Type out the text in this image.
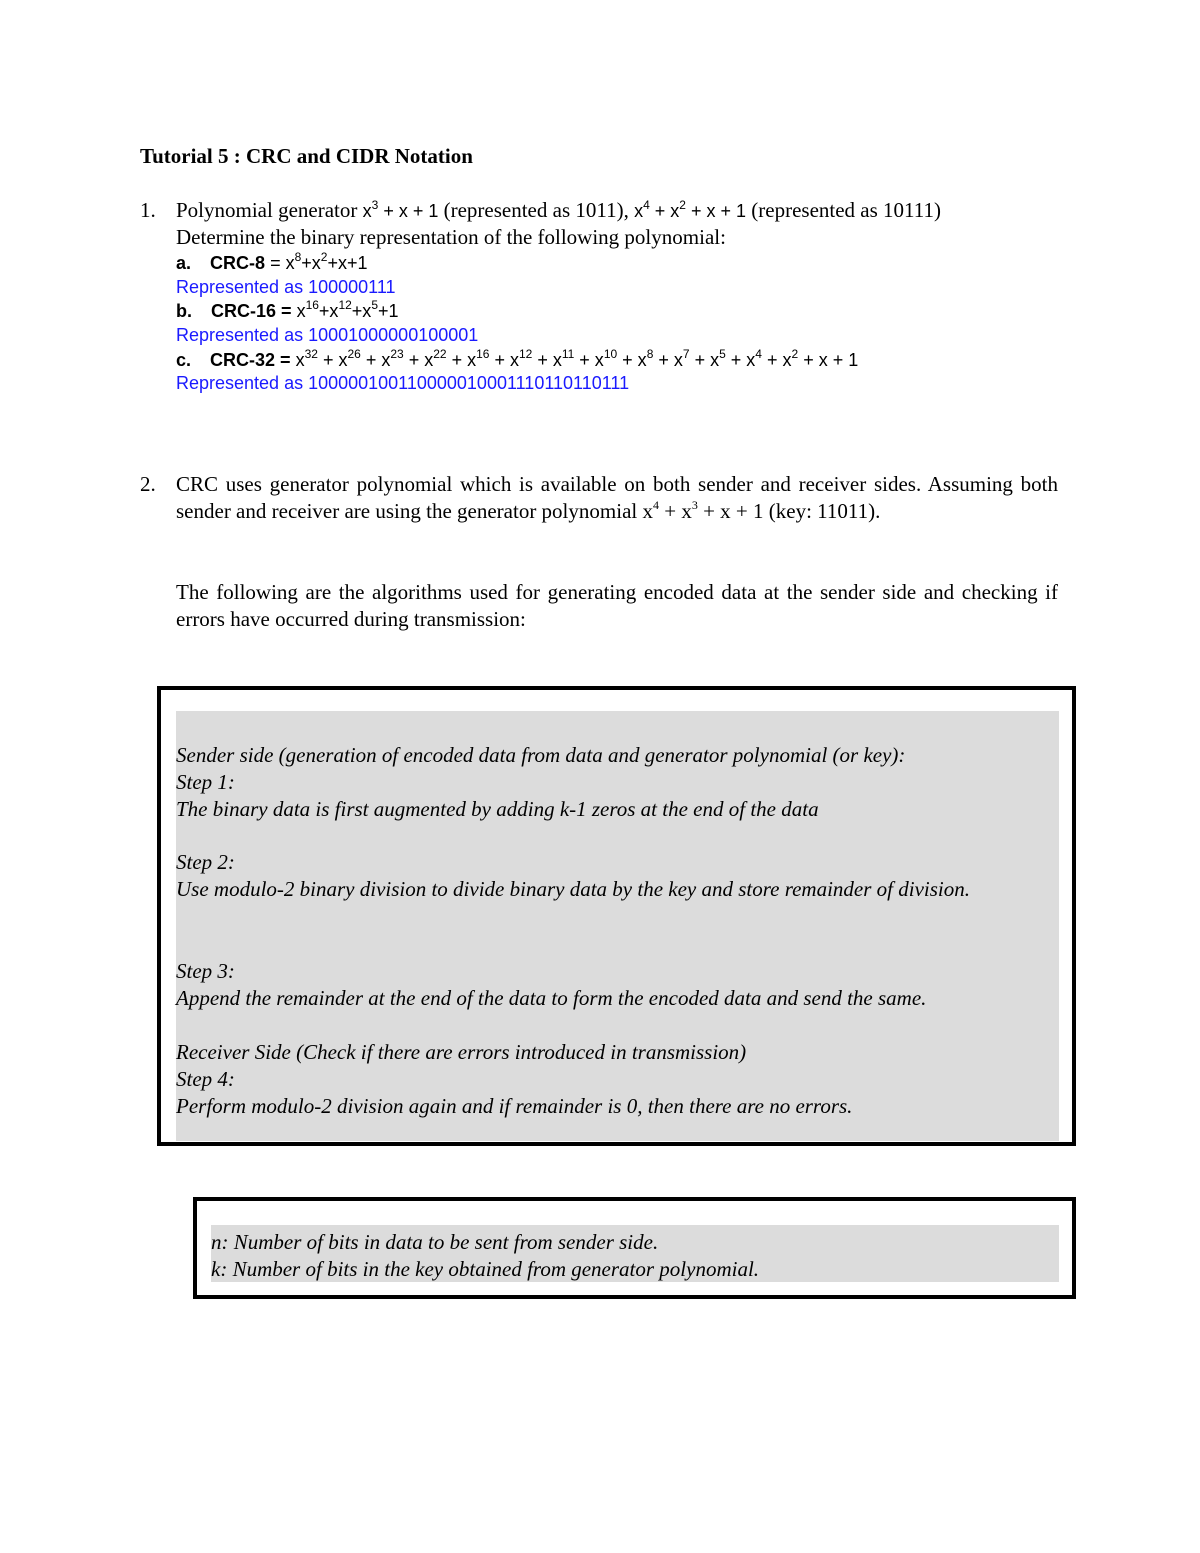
Tutorial 5 : CRC and CIDR Notation
1. Polynomial generator $x^3 + x + 1$ (represented as 1011), $x^4 + x^2 + x + 1$ (represented as 10111)
Determine the binary representation of the following polynomial:
a. $CRC-8 = x^8+x^2+x+1$
Represented as 100000111
b. $CRC-16 = x^{16}+x^{12}+x^5+1$
Represented as 10001000000100001
c. $CRC-32 = x^{32} + x^{26} + x^{23} + x^{22} + x^{16} + x^{12} + x^{11} + x^{10} + x^8 + x^7 + x^5 + x^4 + x^2 + x + 1$
Represented as 100000100110000010001110110110111
2. CRC uses generator polynomial which is available on both sender and receiver sides. Assuming both sender and receiver are using the generator polynomial $x^4 + x^3 + x + 1$ (key: 11011).
The following are the algorithms used for generating encoded data at the sender side and checking if errors have occurred during transmission:
Sender side (generation of encoded data from data and generator polynomial (or key):
Step 1:
The binary data is first augmented by adding k-1 zeros at the end of the data
Step 2:
Use modulo-2 binary division to divide binary data by the key and store remainder of division.
Step 3:
Append the remainder at the end of the data to form the encoded data and send the same.
Receiver Side (Check if there are errors introduced in transmission)
Step 4:
Perform modulo-2 division again and if remainder is 0, then there are no errors.
n: Number of bits in data to be sent from sender side.
k: Number of bits in the key obtained from generator polynomial.
